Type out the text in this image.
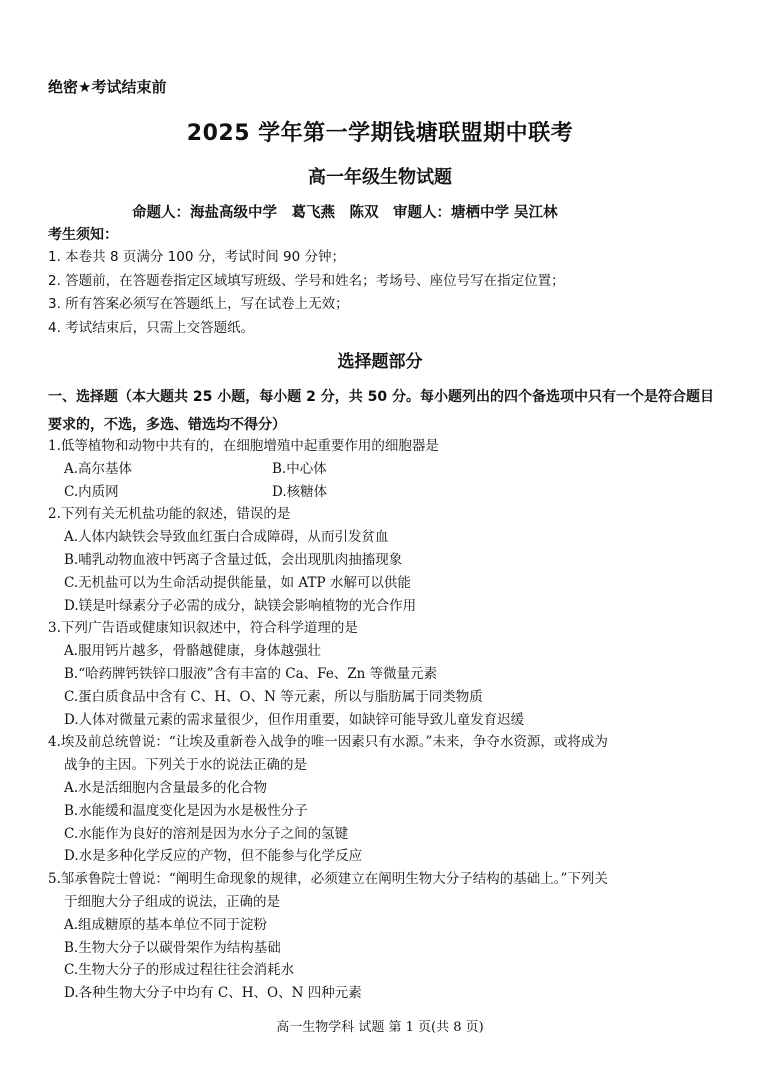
绝密★考试结束前
2025 学年第一学期钱塘联盟期中联考
高一年级生物试题
命题人：海盐高级中学　葛飞燕　陈双　审题人：塘栖中学 吴江林
考生须知：
1. 本卷共 8 页满分 100 分，考试时间 90 分钟；
2. 答题前，在答题卷指定区域填写班级、学号和姓名；考场号、座位号写在指定位置；
3. 所有答案必须写在答题纸上，写在试卷上无效；
4. 考试结束后，只需上交答题纸。
选择题部分
一、选择题（本大题共 25 小题，每小题 2 分，共 50 分。每小题列出的四个备选项中只有一个是符合题目要求的，不选，多选、错选均不得分）
1.低等植物和动物中共有的，在细胞增殖中起重要作用的细胞器是
A.高尔基体	B.中心体
C.内质网	D.核糖体
2.下列有关无机盐功能的叙述，错误的是
A.人体内缺铁会导致血红蛋白合成障碍，从而引发贫血
B.哺乳动物血液中钙离子含量过低，会出现肌肉抽搐现象
C.无机盐可以为生命活动提供能量，如 ATP 水解可以供能
D.镁是叶绿素分子必需的成分，缺镁会影响植物的光合作用
3.下列广告语或健康知识叙述中，符合科学道理的是
A.服用钙片越多，骨骼越健康，身体越强壮
B.“哈药牌钙铁锌口服液”含有丰富的 Ca、Fe、Zn 等微量元素
C.蛋白质食品中含有 C、H、O、N 等元素，所以与脂肪属于同类物质
D.人体对微量元素的需求量很少，但作用重要，如缺锌可能导致儿童发育迟缓
4.埃及前总统曾说：“让埃及重新卷入战争的唯一因素只有水源。”未来，争夺水资源，或将成为
战争的主因。下列关于水的说法正确的是
A.水是活细胞内含量最多的化合物
B.水能缓和温度变化是因为水是极性分子
C.水能作为良好的溶剂是因为水分子之间的氢键
D.水是多种化学反应的产物，但不能参与化学反应
5.邹承鲁院士曾说：“阐明生命现象的规律，必须建立在阐明生物大分子结构的基础上。”下列关
于细胞大分子组成的说法，正确的是
A.组成糖原的基本单位不同于淀粉
B.生物大分子以碳骨架作为结构基础
C.生物大分子的形成过程往往会消耗水
D.各种生物大分子中均有 C、H、O、N 四种元素
高一生物学科 试题 第 1 页(共 8 页)
